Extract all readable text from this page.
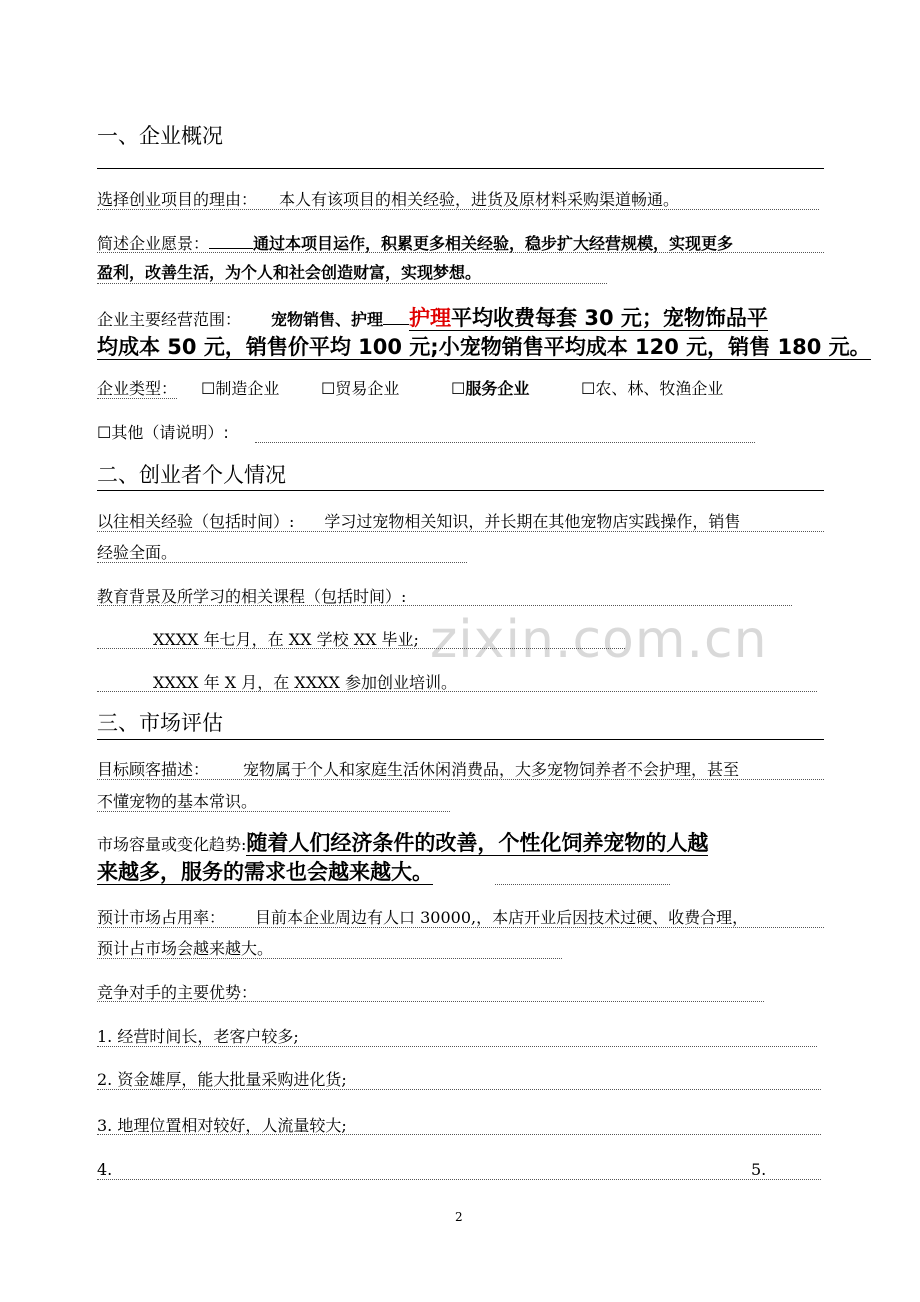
zixin.com.cn
一、企业概况
选择创业项目的理由： 本人有该项目的相关经验，进货及原材料采购渠道畅通。
简述企业愿景：	通过本项目运作，积累更多相关经验，稳步扩大经营规模，实现更多
盈利，改善生活，为个人和社会创造财富，实现梦想。
企业主要经营范围： 宠物销售、护理 护理平均收费每套 30 元；宠物饰品平
均成本 50 元，销售价平均 100 元;小宠物销售平均成本 120 元，销售 180 元。
企业类型： ☐制造企业	☐贸易企业	☐服务企业	☐农、林、牧渔企业
☐其他（请说明）:
二、创业者个人情况
以往相关经验（包括时间）: 学习过宠物相关知识，并长期在其他宠物店实践操作，销售
经验全面。
教育背景及所学习的相关课程（包括时间）:
XXXX 年七月，在 XX 学校 XX 毕业;
XXXX 年 X 月，在 XXXX 参加创业培训。
三、市场评估
目标顾客描述： 宠物属于个人和家庭生活休闲消费品，大多宠物饲养者不会护理，甚至
不懂宠物的基本常识。
市场容量或变化趋势:随着人们经济条件的改善，个性化饲养宠物的人越
来越多，服务的需求也会越来越大。
预计市场占用率： 目前本企业周边有人口 30000,，本店开业后因技术过硬、收费合理，
预计占市场会越来越大。
竞争对手的主要优势：
1. 经营时间长，老客户较多;
2. 资金雄厚，能大批量采购进化货;
3. 地理位置相对较好，人流量较大;
4.	5.
2
